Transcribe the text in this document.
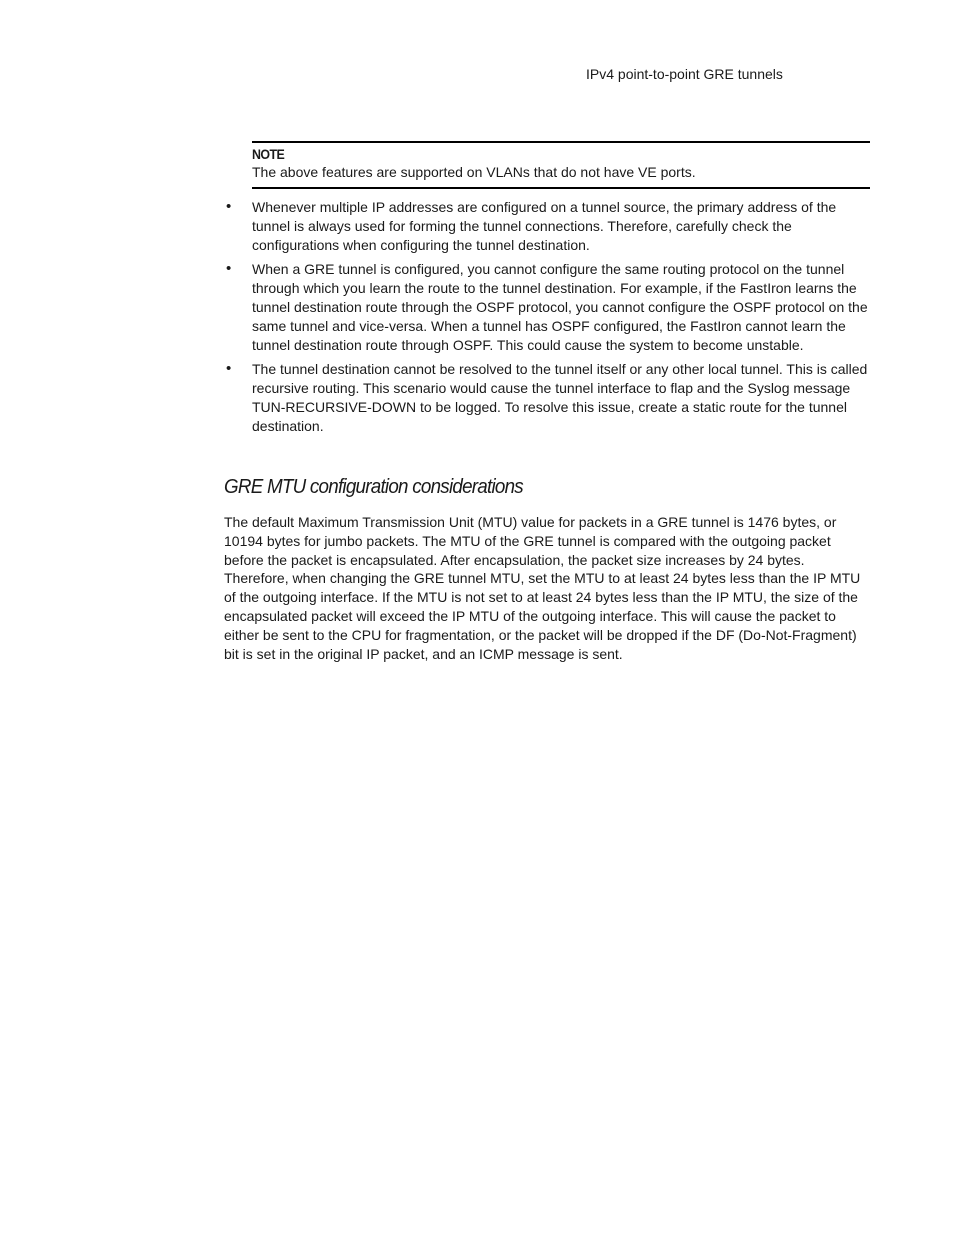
IPv4 point-to-point GRE tunnels
NOTE
The above features are supported on VLANs that do not have VE ports.
• Whenever multiple IP addresses are configured on a tunnel source, the primary address of the tunnel is always used for forming the tunnel connections. Therefore, carefully check the configurations when configuring the tunnel destination.
• When a GRE tunnel is configured, you cannot configure the same routing protocol on the tunnel through which you learn the route to the tunnel destination. For example, if the FastIron learns the tunnel destination route through the OSPF protocol, you cannot configure the OSPF protocol on the same tunnel and vice-versa. When a tunnel has OSPF configured, the FastIron cannot learn the tunnel destination route through OSPF. This could cause the system to become unstable.
• The tunnel destination cannot be resolved to the tunnel itself or any other local tunnel. This is called recursive routing. This scenario would cause the tunnel interface to flap and the Syslog message TUN-RECURSIVE-DOWN to be logged. To resolve this issue, create a static route for the tunnel destination.
GRE MTU configuration considerations

The default Maximum Transmission Unit (MTU) value for packets in a GRE tunnel is 1476 bytes, or 10194 bytes for jumbo packets. The MTU of the GRE tunnel is compared with the outgoing packet before the packet is encapsulated. After encapsulation, the packet size increases by 24 bytes. Therefore, when changing the GRE tunnel MTU, set the MTU to at least 24 bytes less than the IP MTU of the outgoing interface. If the MTU is not set to at least 24 bytes less than the IP MTU, the size of the encapsulated packet will exceed the IP MTU of the outgoing interface. This will cause the packet to either be sent to the CPU for fragmentation, or the packet will be dropped if the DF (Do-Not-Fragment) bit is set in the original IP packet, and an ICMP message is sent.
